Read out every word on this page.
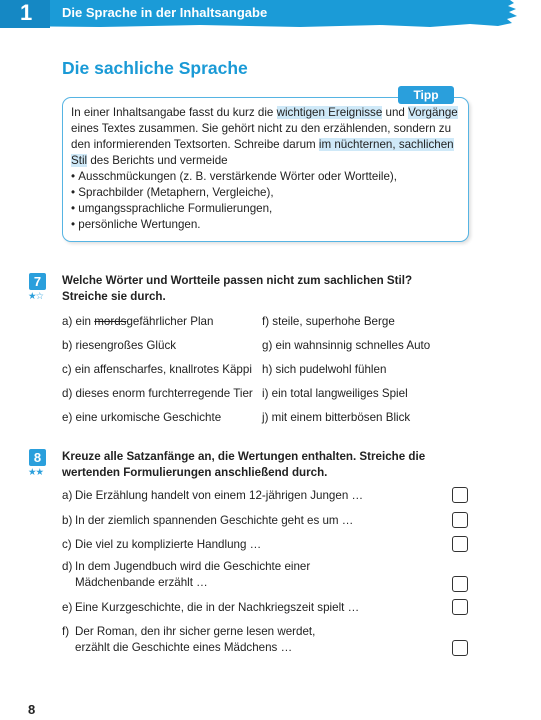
1 Die Sprache in der Inhaltsangabe
Die sachliche Sprache
Tipp
In einer Inhaltsangabe fasst du kurz die wichtigen Ereignisse und Vorgänge eines Textes zusammen. Sie gehört nicht zu den erzählenden, sondern zu den informierenden Textsorten. Schreibe darum im nüchternen, sachlichen Stil des Berichts und vermeide
• Ausschmückungen (z. B. verstärkende Wörter oder Wortteile),
• Sprachbilder (Metaphern, Vergleiche),
• umgangssprachliche Formulierungen,
• persönliche Wertungen.
7
★☆
Welche Wörter und Wortteile passen nicht zum sachlichen Stil? Streiche sie durch.
a) ein mordsgefährlicher Plan
b) riesengroßes Glück
c) ein affenscharfes, knallrotes Käppi
d) dieses enorm furchterregende Tier
e) eine urkomische Geschichte
f) steile, superhohe Berge
g) ein wahnsinnig schnelles Auto
h) sich pudelwohl fühlen
i) ein total langweiliges Spiel
j) mit einem bitterbösen Blick
8
★★
Kreuze alle Satzanfänge an, die Wertungen enthalten. Streiche die wertenden Formulierungen anschließend durch.
a) Die Erzählung handelt von einem 12-jährigen Jungen …
b) In der ziemlich spannenden Geschichte geht es um …
c) Die viel zu komplizierte Handlung …
d) In dem Jugendbuch wird die Geschichte einer
Mädchenbande erzählt …
e) Eine Kurzgeschichte, die in der Nachkriegszeit spielt …
f) Der Roman, den ihr sicher gerne lesen werdet,
erzählt die Geschichte eines Mädchens …
8
